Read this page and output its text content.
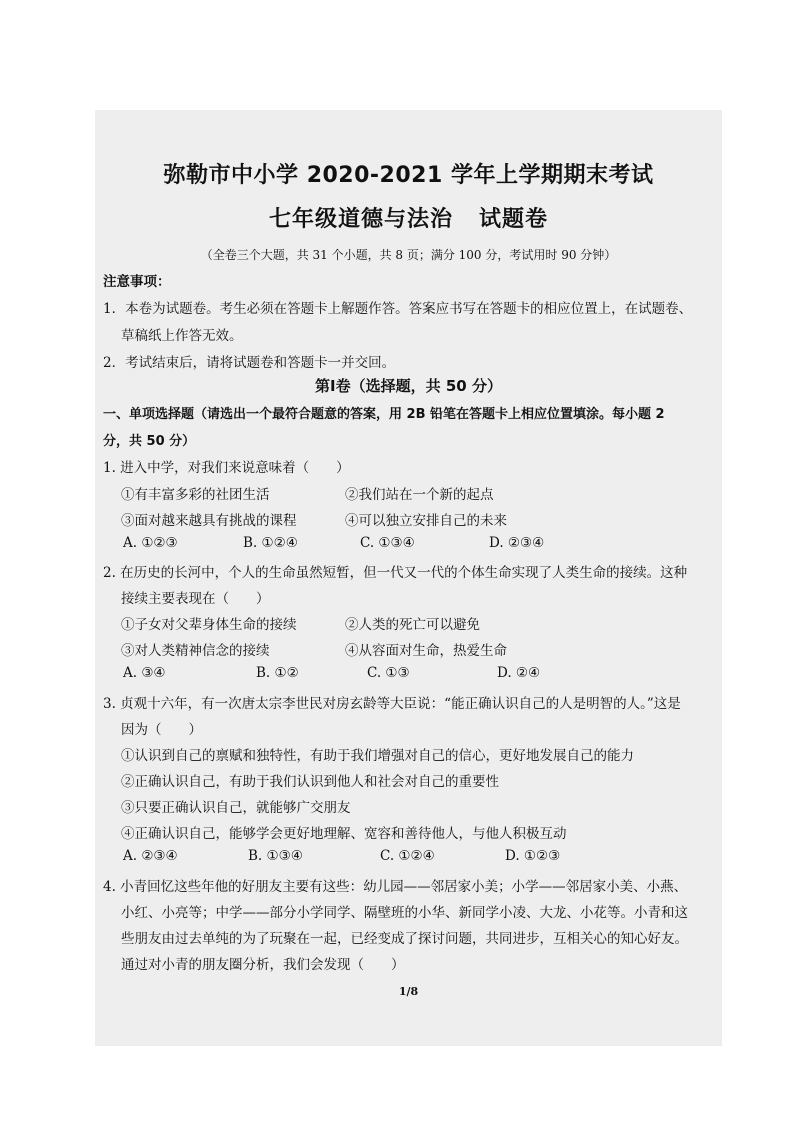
弥勒市中小学 2020-2021 学年上学期期末考试
七年级道德与法治 试题卷
（全卷三个大题，共 31 个小题，共 8 页；满分 100 分，考试用时 90 分钟）
注意事项：
1．本卷为试题卷。考生必须在答题卡上解题作答。答案应书写在答题卡的相应位置上，在试题卷、
草稿纸上作答无效。
2．考试结束后，请将试题卷和答题卡一并交回。
第Ⅰ卷（选择题，共 50 分）
一、单项选择题（请选出一个最符合题意的答案，用 2B 铅笔在答题卡上相应位置填涂。每小题 2
分，共 50 分）
1. 进入中学，对我们来说意味着（　　）
①有丰富多彩的社团生活	②我们站在一个新的起点
③面对越来越具有挑战的课程	④可以独立安排自己的未来
A. ①②③	B. ①②④	C. ①③④	D. ②③④
2. 在历史的长河中，个人的生命虽然短暂，但一代又一代的个体生命实现了人类生命的接续。这种
接续主要表现在（　　）
①子女对父辈身体生命的接续	②人类的死亡可以避免
③对人类精神信念的接续	④从容面对生命，热爱生命
A. ③④	B. ①②	C. ①③	D. ②④
3. 贞观十六年，有一次唐太宗李世民对房玄龄等大臣说：“能正确认识自己的人是明智的人。”这是
因为（　　）
①认识到自己的禀赋和独特性，有助于我们增强对自己的信心，更好地发展自己的能力
②正确认识自己，有助于我们认识到他人和社会对自己的重要性
③只要正确认识自己，就能够广交朋友
④正确认识自己，能够学会更好地理解、宽容和善待他人，与他人积极互动
A. ②③④	B. ①③④	C. ①②④	D. ①②③
4. 小青回忆这些年他的好朋友主要有这些：幼儿园——邻居家小美；小学——邻居家小美、小燕、
小红、小亮等；中学——部分小学同学、隔壁班的小华、新同学小凌、大龙、小花等。小青和这
些朋友由过去单纯的为了玩聚在一起，已经变成了探讨问题，共同进步，互相关心的知心好友。
通过对小青的朋友圈分析，我们会发现（　　）
1/8
